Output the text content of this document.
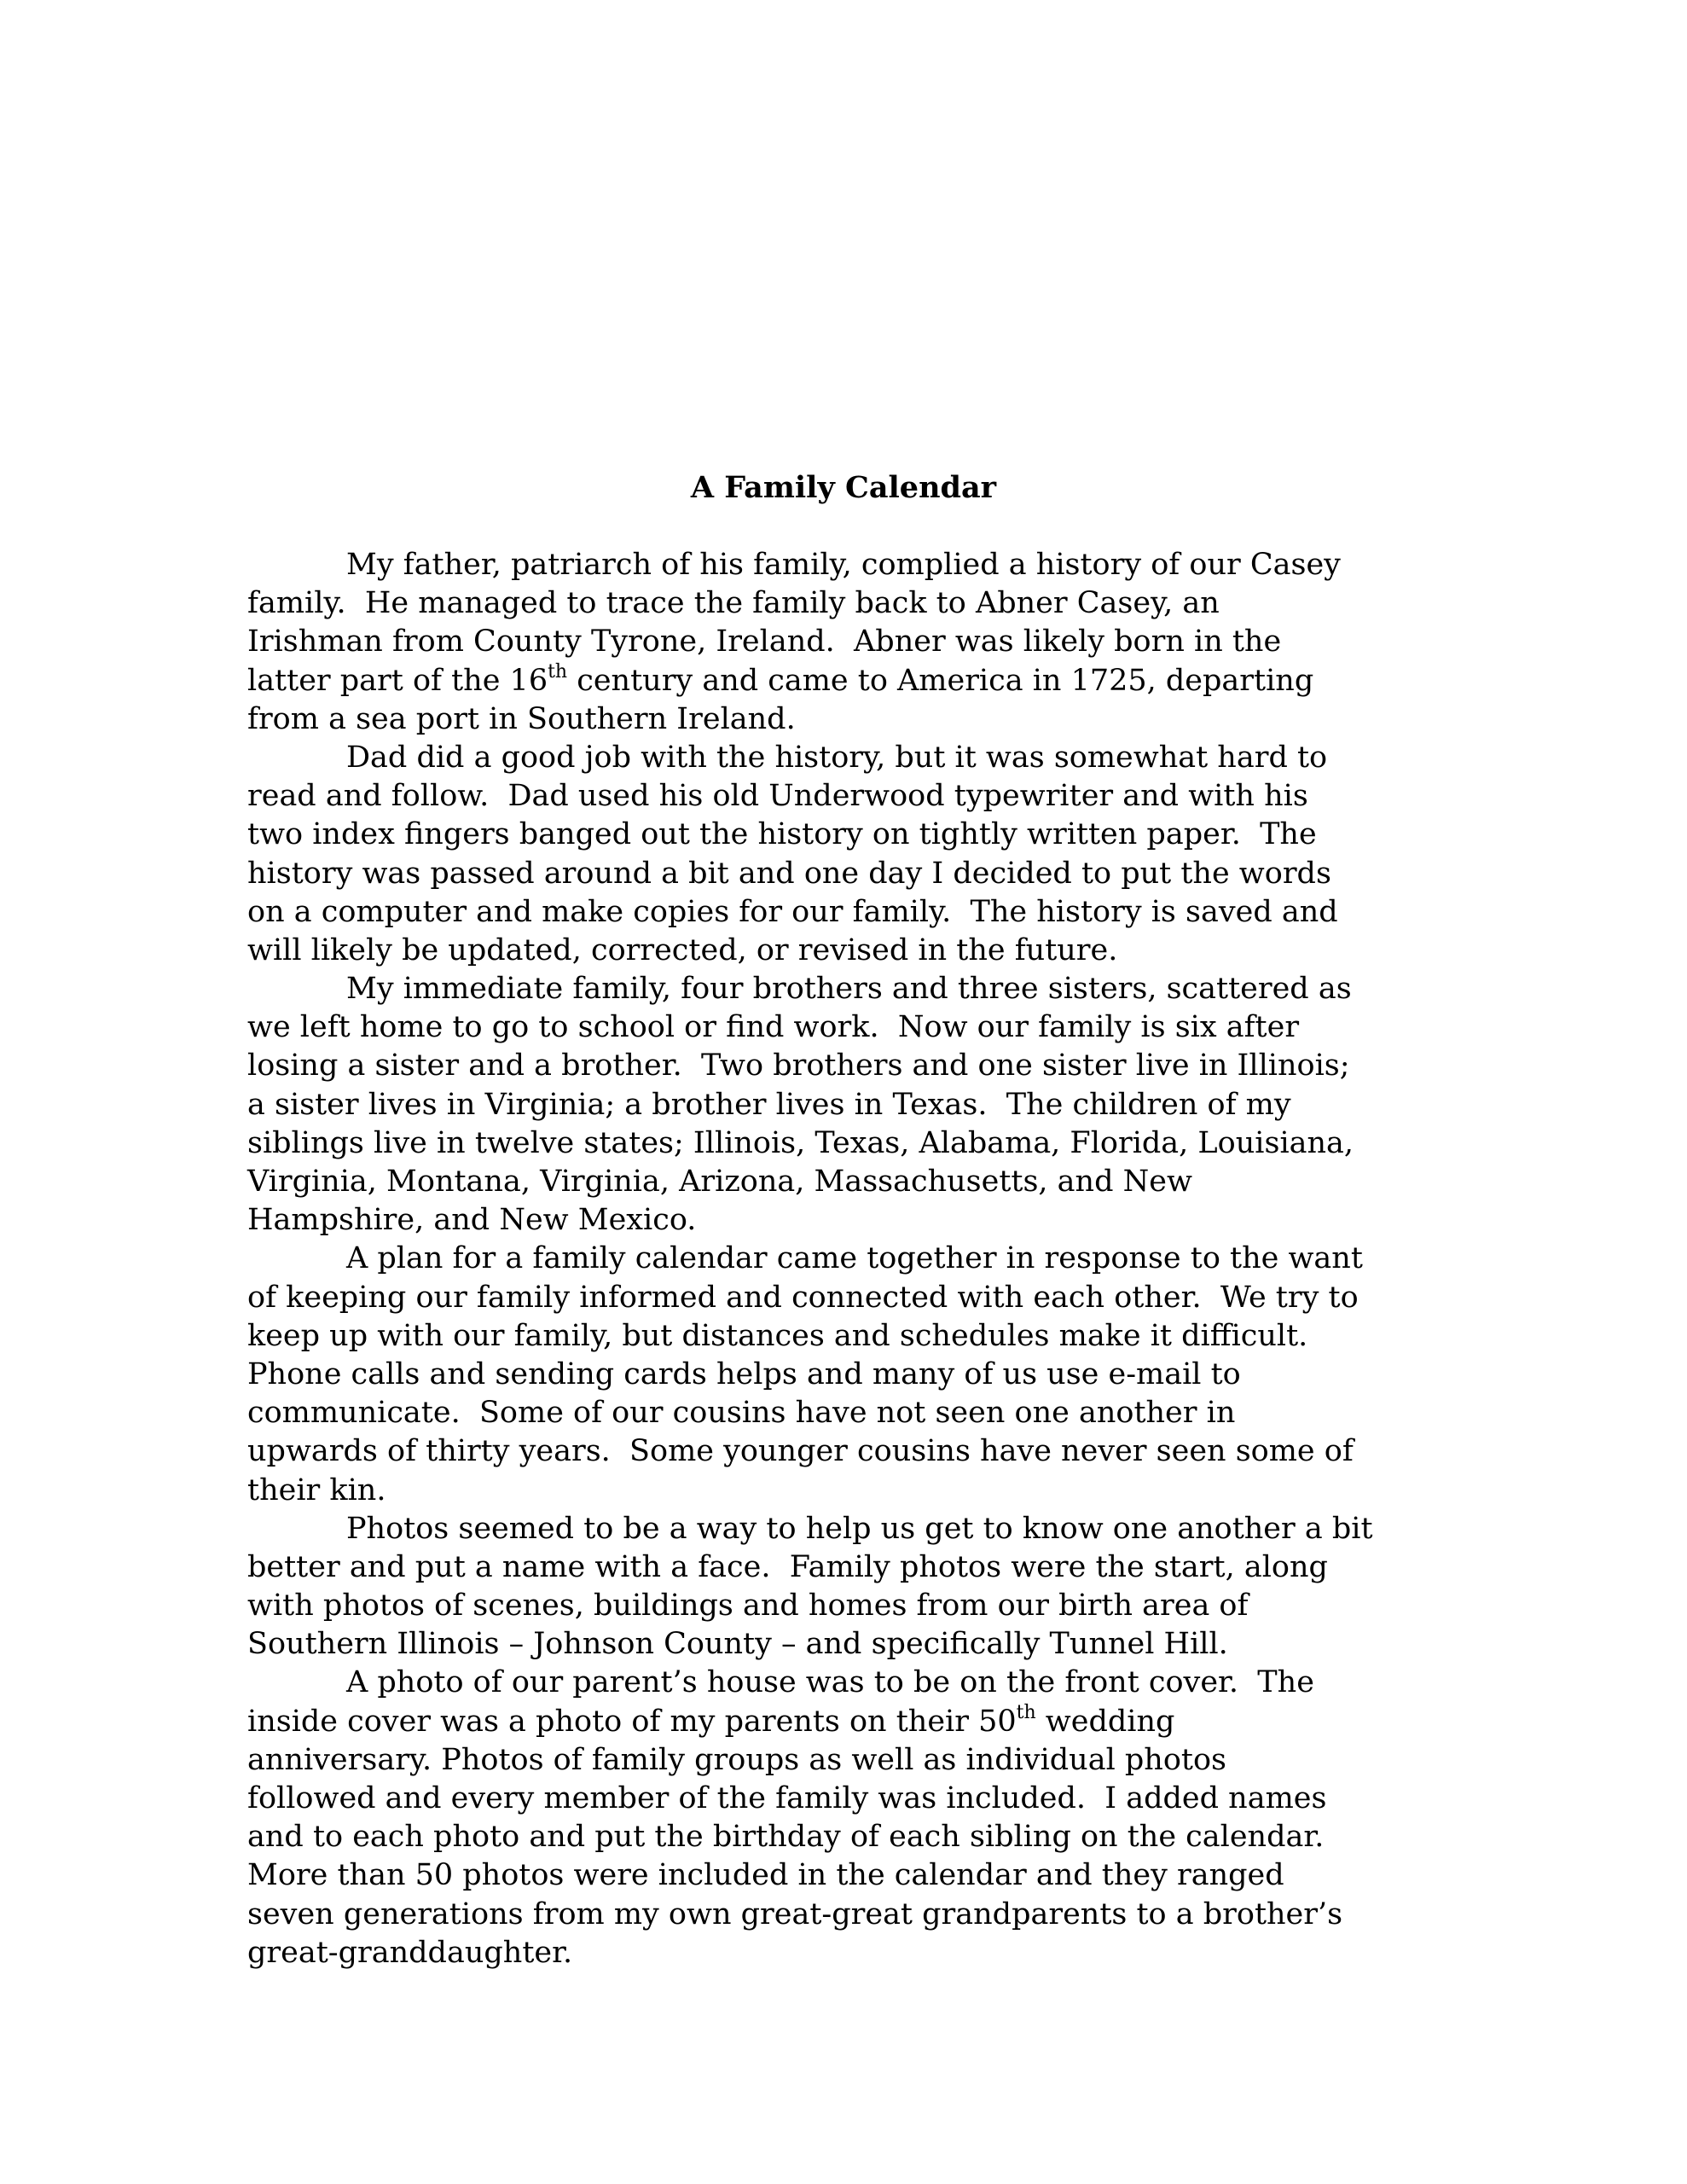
A Family Calendar
My father, patriarch of his family, complied a history of our Casey
family.  He managed to trace the family back to Abner Casey, an
Irishman from County Tyrone, Ireland.  Abner was likely born in the
latter part of the 16th century and came to America in 1725, departing
from a sea port in Southern Ireland.
Dad did a good job with the history, but it was somewhat hard to
read and follow.  Dad used his old Underwood typewriter and with his
two index fingers banged out the history on tightly written paper.  The
history was passed around a bit and one day I decided to put the words
on a computer and make copies for our family.  The history is saved and
will likely be updated, corrected, or revised in the future.
My immediate family, four brothers and three sisters, scattered as
we left home to go to school or find work.  Now our family is six after
losing a sister and a brother.  Two brothers and one sister live in Illinois;
a sister lives in Virginia; a brother lives in Texas.  The children of my
siblings live in twelve states; Illinois, Texas, Alabama, Florida, Louisiana,
Virginia, Montana, Virginia, Arizona, Massachusetts, and New
Hampshire, and New Mexico.
A plan for a family calendar came together in response to the want
of keeping our family informed and connected with each other.  We try to
keep up with our family, but distances and schedules make it difficult.
Phone calls and sending cards helps and many of us use e-mail to
communicate.  Some of our cousins have not seen one another in
upwards of thirty years.  Some younger cousins have never seen some of
their kin.
Photos seemed to be a way to help us get to know one another a bit
better and put a name with a face.  Family photos were the start, along
with photos of scenes, buildings and homes from our birth area of
Southern Illinois – Johnson County – and specifically Tunnel Hill.
A photo of our parent’s house was to be on the front cover.  The
inside cover was a photo of my parents on their 50th wedding
anniversary. Photos of family groups as well as individual photos
followed and every member of the family was included.  I added names
and to each photo and put the birthday of each sibling on the calendar.
More than 50 photos were included in the calendar and they ranged
seven generations from my own great-great grandparents to a brother’s
great-granddaughter.
